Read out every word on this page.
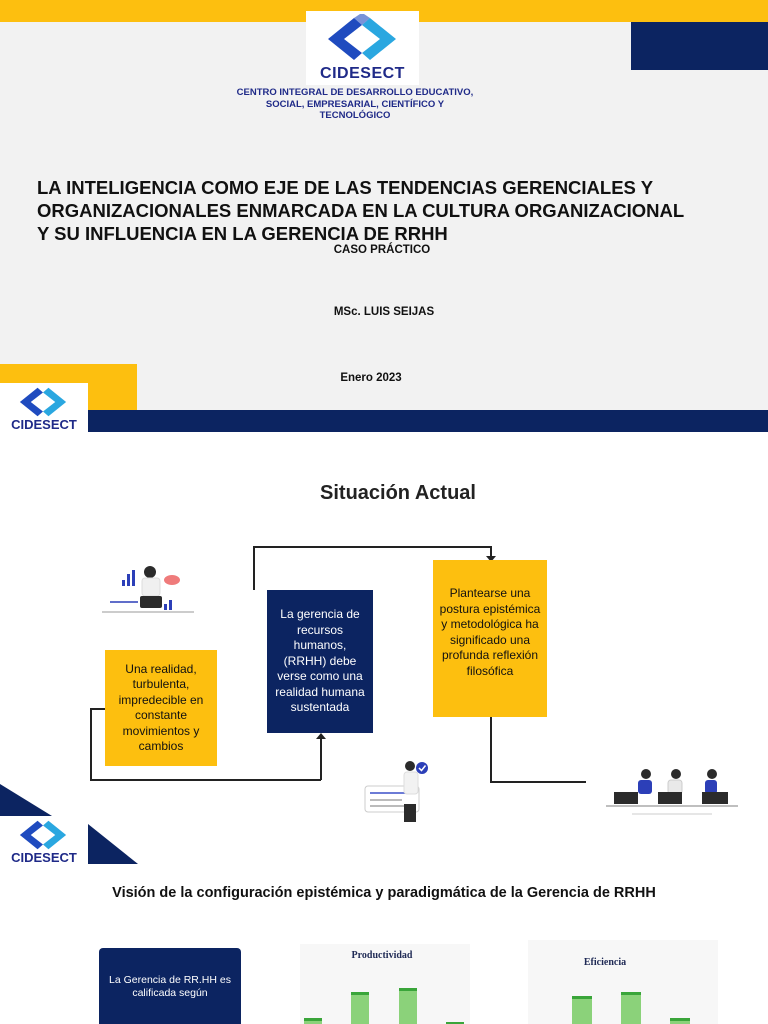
CIDESECT
CENTRO INTEGRAL DE DESARROLLO EDUCATIVO,
SOCIAL, EMPRESARIAL, CIENTÍFICO Y
TECNOLÓGICO
LA INTELIGENCIA COMO EJE DE LAS TENDENCIAS GERENCIALES Y
ORGANIZACIONALES ENMARCADA EN LA CULTURA ORGANIZACIONAL
Y SU INFLUENCIA EN LA GERENCIA DE RRHH
CASO PRÁCTICO
MSc. LUIS SEIJAS
Enero 2023
CIDESECT
Situación Actual
Una realidad, turbulenta, impredecible en constante movimientos y cambios
La gerencia de recursos humanos, (RRHH) debe verse como una realidad humana sustentada
Plantearse una postura epistémica y metodológica ha significado una profunda reflexión filosófica
CIDESECT
Visión de la configuración epistémica y paradigmática de la Gerencia de RRHH
La Gerencia de RR.HH es calificada según
Productividad
Eficiencia
